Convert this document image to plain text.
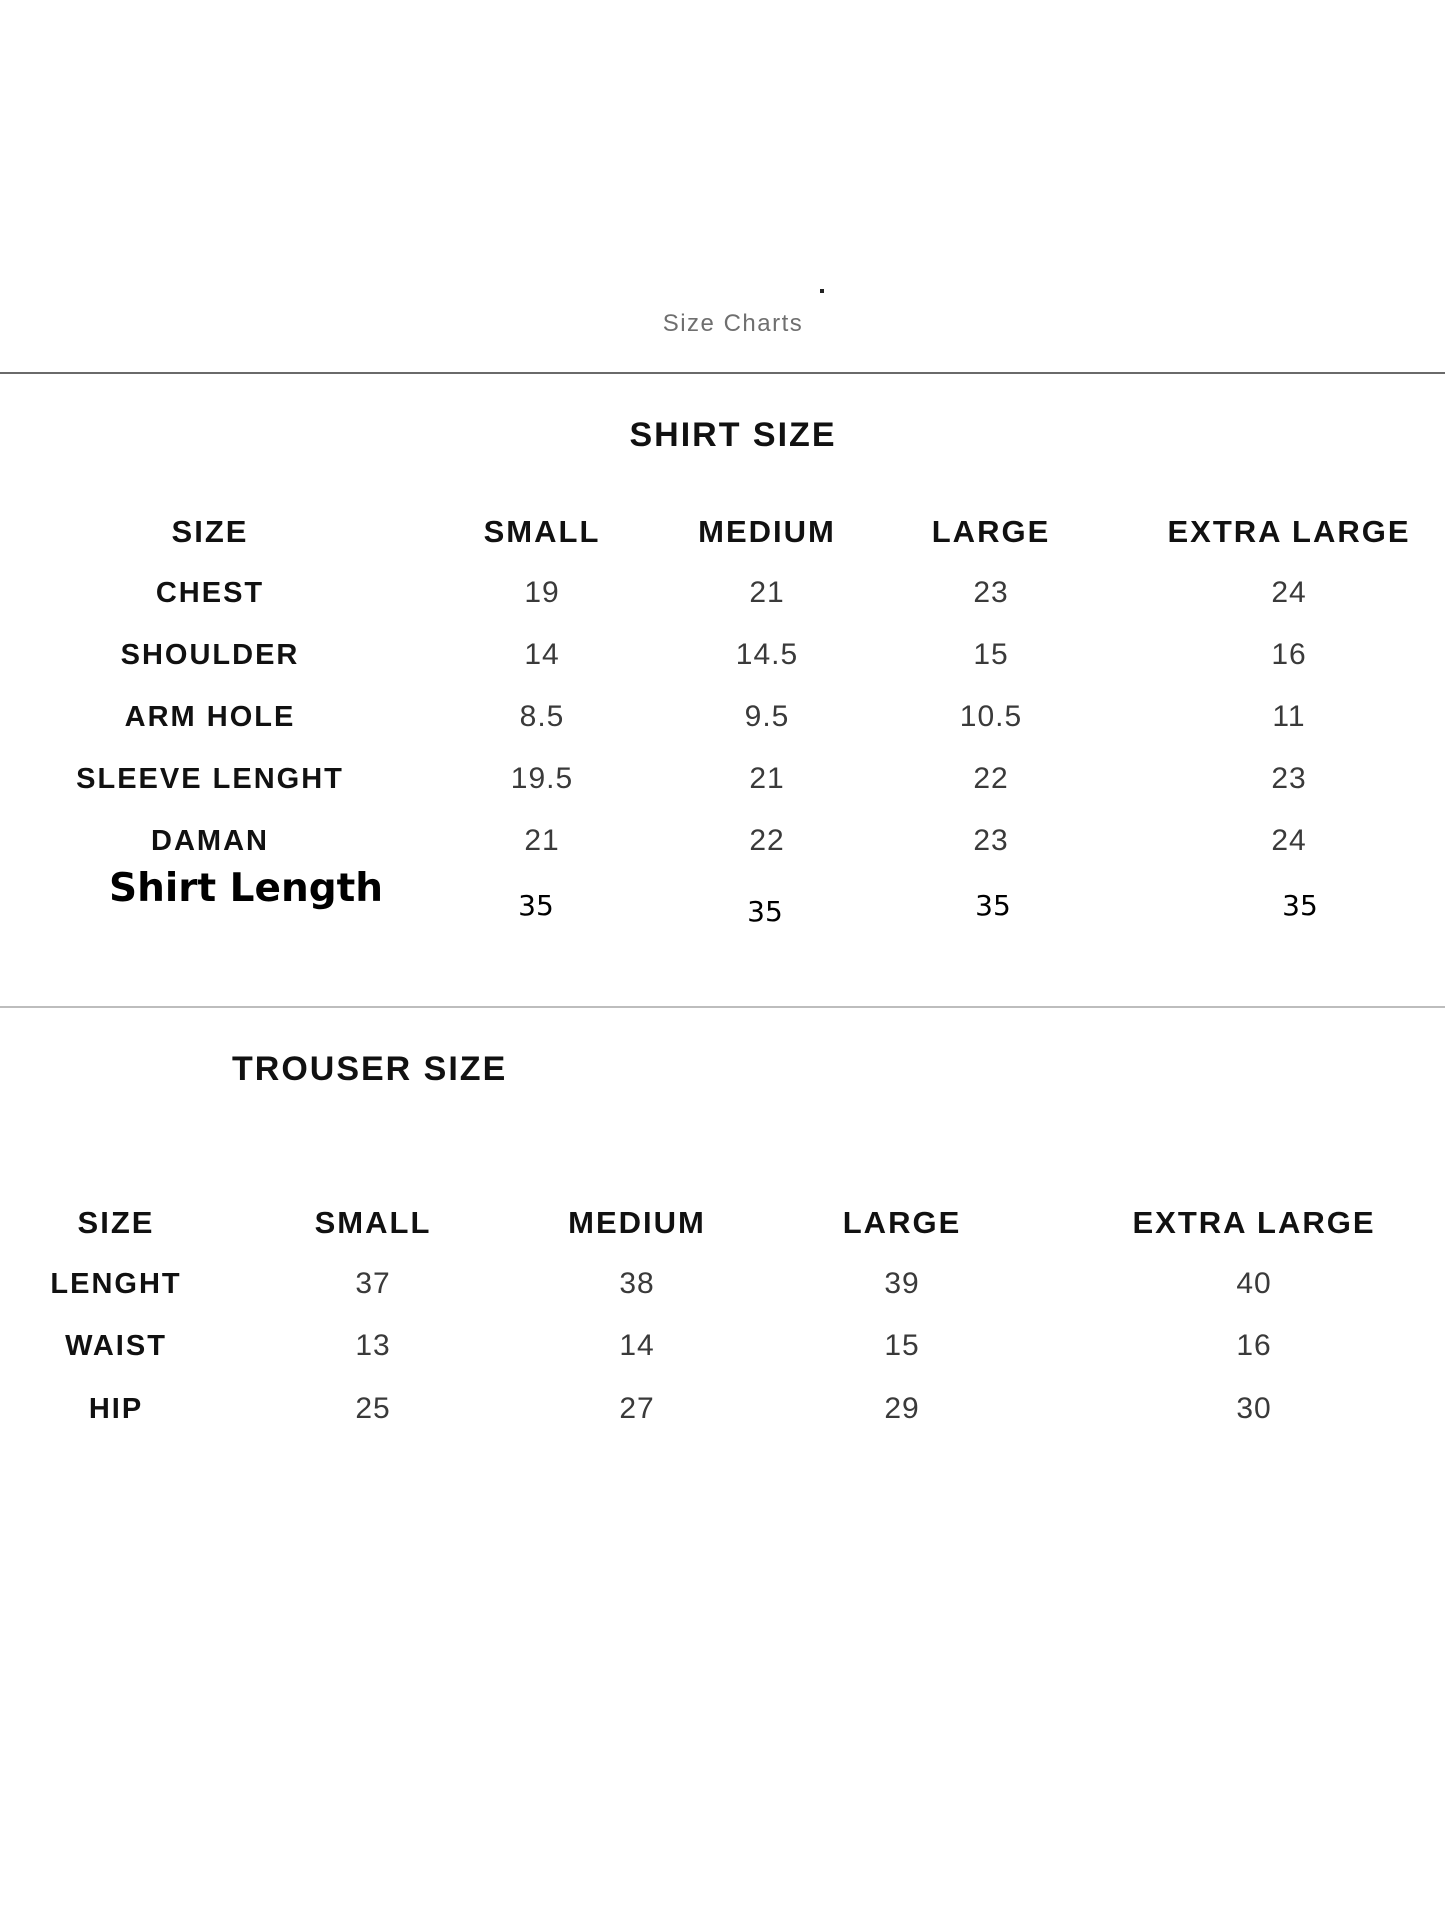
Size Charts
SHIRT SIZE
SIZE	SMALL	MEDIUM	LARGE	EXTRA LARGE
CHEST	19	21	23	24
SHOULDER	14	14.5	15	16
ARM HOLE	8.5	9.5	10.5	11
SLEEVE LENGHT	19.5	21	22	23
DAMAN	21	22	23	24
Shirt Length	35	35	35	35
TROUSER SIZE
SIZE	SMALL	MEDIUM	LARGE	EXTRA LARGE
LENGHT	37	38	39	40
WAIST	13	14	15	16
HIP	25	27	29	30
